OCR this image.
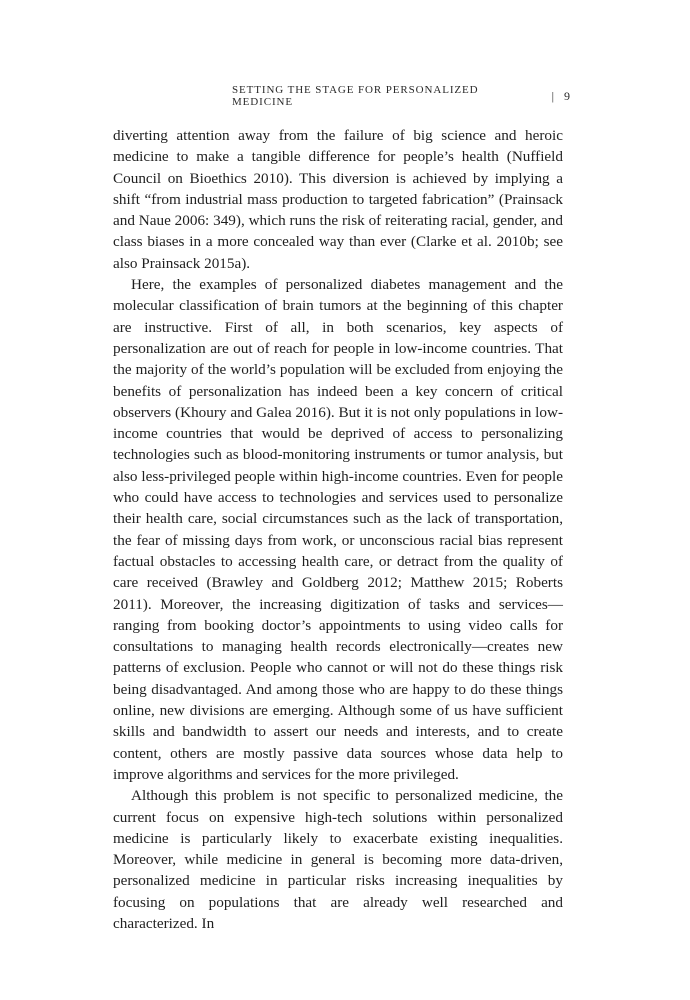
SETTING THE STAGE FOR PERSONALIZED MEDICINE	| 9

diverting attention away from the failure of big science and heroic medicine to make a tangible difference for people’s health (Nuffield Council on Bioethics 2010). This diversion is achieved by implying a shift “from industrial mass production to targeted fabrication” (Prainsack and Naue 2006: 349), which runs the risk of reiterating racial, gender, and class biases in a more concealed way than ever (Clarke et al. 2010b; see also Prainsack 2015a).

Here, the examples of personalized diabetes management and the molecular classification of brain tumors at the beginning of this chapter are instructive. First of all, in both scenarios, key aspects of personalization are out of reach for people in low-income countries. That the majority of the world’s population will be excluded from enjoying the benefits of personalization has indeed been a key concern of critical observers (Khoury and Galea 2016). But it is not only populations in low-income countries that would be deprived of access to personalizing technologies such as blood-monitoring instruments or tumor analysis, but also less-privileged people within high-income countries. Even for people who could have access to technologies and services used to personalize their health care, social circumstances such as the lack of transportation, the fear of missing days from work, or unconscious racial bias represent factual obstacles to accessing health care, or detract from the quality of care received (Brawley and Goldberg 2012; Matthew 2015; Roberts 2011). Moreover, the increasing digitization of tasks and services—ranging from booking doctor’s appointments to using video calls for consultations to managing health records electronically—creates new patterns of exclusion. People who cannot or will not do these things risk being disadvantaged. And among those who are happy to do these things online, new divisions are emerging. Although some of us have sufficient skills and bandwidth to assert our needs and interests, and to create content, others are mostly passive data sources whose data help to improve algorithms and services for the more privileged.

Although this problem is not specific to personalized medicine, the current focus on expensive high-tech solutions within personalized medicine is particularly likely to exacerbate existing inequalities. Moreover, while medicine in general is becoming more data-driven, personalized medicine in particular risks increasing inequalities by focusing on populations that are already well researched and characterized. In
